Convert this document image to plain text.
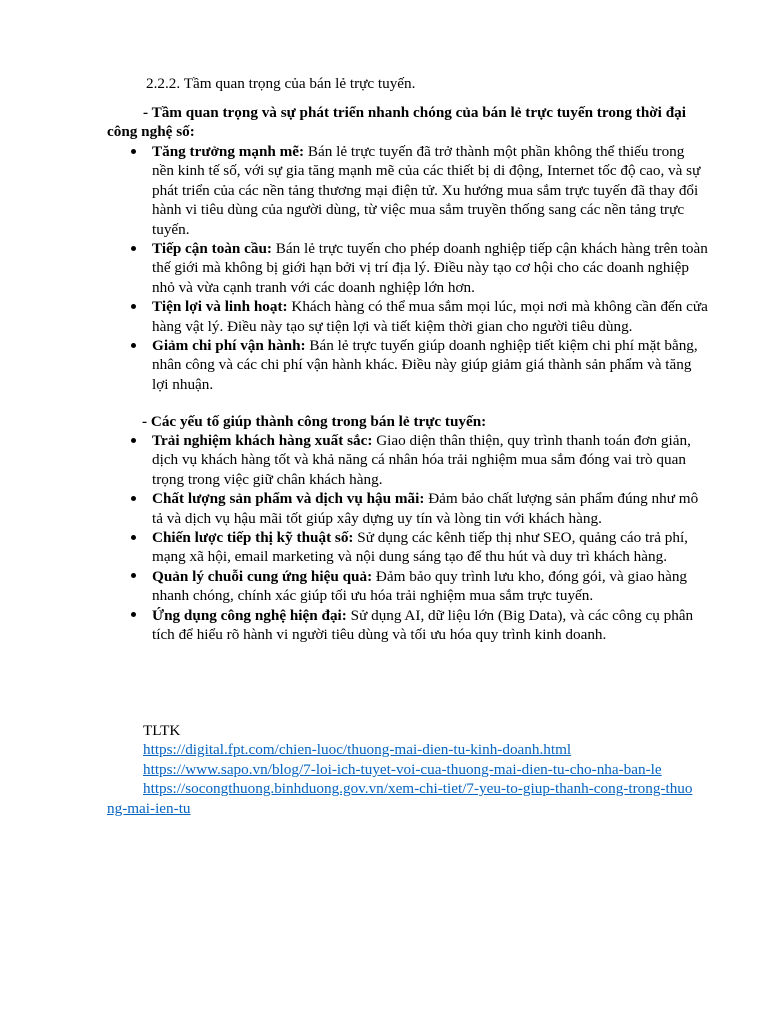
2.2.2. Tầm quan trọng của bán lẻ trực tuyến.
- Tầm quan trọng và sự phát triển nhanh chóng của bán lẻ trực tuyến trong thời đại công nghệ số:
Tăng trưởng mạnh mẽ: Bán lẻ trực tuyến đã trở thành một phần không thể thiếu trong nền kinh tế số, với sự gia tăng mạnh mẽ của các thiết bị di động, Internet tốc độ cao, và sự phát triển của các nền tảng thương mại điện tử. Xu hướng mua sắm trực tuyến đã thay đổi hành vi tiêu dùng của người dùng, từ việc mua sắm truyền thống sang các nền tảng trực tuyến.
Tiếp cận toàn cầu: Bán lẻ trực tuyến cho phép doanh nghiệp tiếp cận khách hàng trên toàn thế giới mà không bị giới hạn bởi vị trí địa lý. Điều này tạo cơ hội cho các doanh nghiệp nhỏ và vừa cạnh tranh với các doanh nghiệp lớn hơn.
Tiện lợi và linh hoạt: Khách hàng có thể mua sắm mọi lúc, mọi nơi mà không cần đến cửa hàng vật lý. Điều này tạo sự tiện lợi và tiết kiệm thời gian cho người tiêu dùng.
Giảm chi phí vận hành: Bán lẻ trực tuyến giúp doanh nghiệp tiết kiệm chi phí mặt bằng, nhân công và các chi phí vận hành khác. Điều này giúp giảm giá thành sản phẩm và tăng lợi nhuận.
- Các yếu tố giúp thành công trong bán lẻ trực tuyến:
Trải nghiệm khách hàng xuất sắc: Giao diện thân thiện, quy trình thanh toán đơn giản, dịch vụ khách hàng tốt và khả năng cá nhân hóa trải nghiệm mua sắm đóng vai trò quan trọng trong việc giữ chân khách hàng.
Chất lượng sản phẩm và dịch vụ hậu mãi: Đảm bảo chất lượng sản phẩm đúng như mô tả và dịch vụ hậu mãi tốt giúp xây dựng uy tín và lòng tin với khách hàng.
Chiến lược tiếp thị kỹ thuật số: Sử dụng các kênh tiếp thị như SEO, quảng cáo trả phí, mạng xã hội, email marketing và nội dung sáng tạo để thu hút và duy trì khách hàng.
Quản lý chuỗi cung ứng hiệu quả: Đảm bảo quy trình lưu kho, đóng gói, và giao hàng nhanh chóng, chính xác giúp tối ưu hóa trải nghiệm mua sắm trực tuyến.
Ứng dụng công nghệ hiện đại: Sử dụng AI, dữ liệu lớn (Big Data), và các công cụ phân tích để hiểu rõ hành vi người tiêu dùng và tối ưu hóa quy trình kinh doanh.
TLTK
https://digital.fpt.com/chien-luoc/thuong-mai-dien-tu-kinh-doanh.html
https://www.sapo.vn/blog/7-loi-ich-tuyet-voi-cua-thuong-mai-dien-tu-cho-nha-ban-le
https://socongthuong.binhduong.gov.vn/xem-chi-tiet/7-yeu-to-giup-thanh-cong-trong-thuong-mai-ien-tu
